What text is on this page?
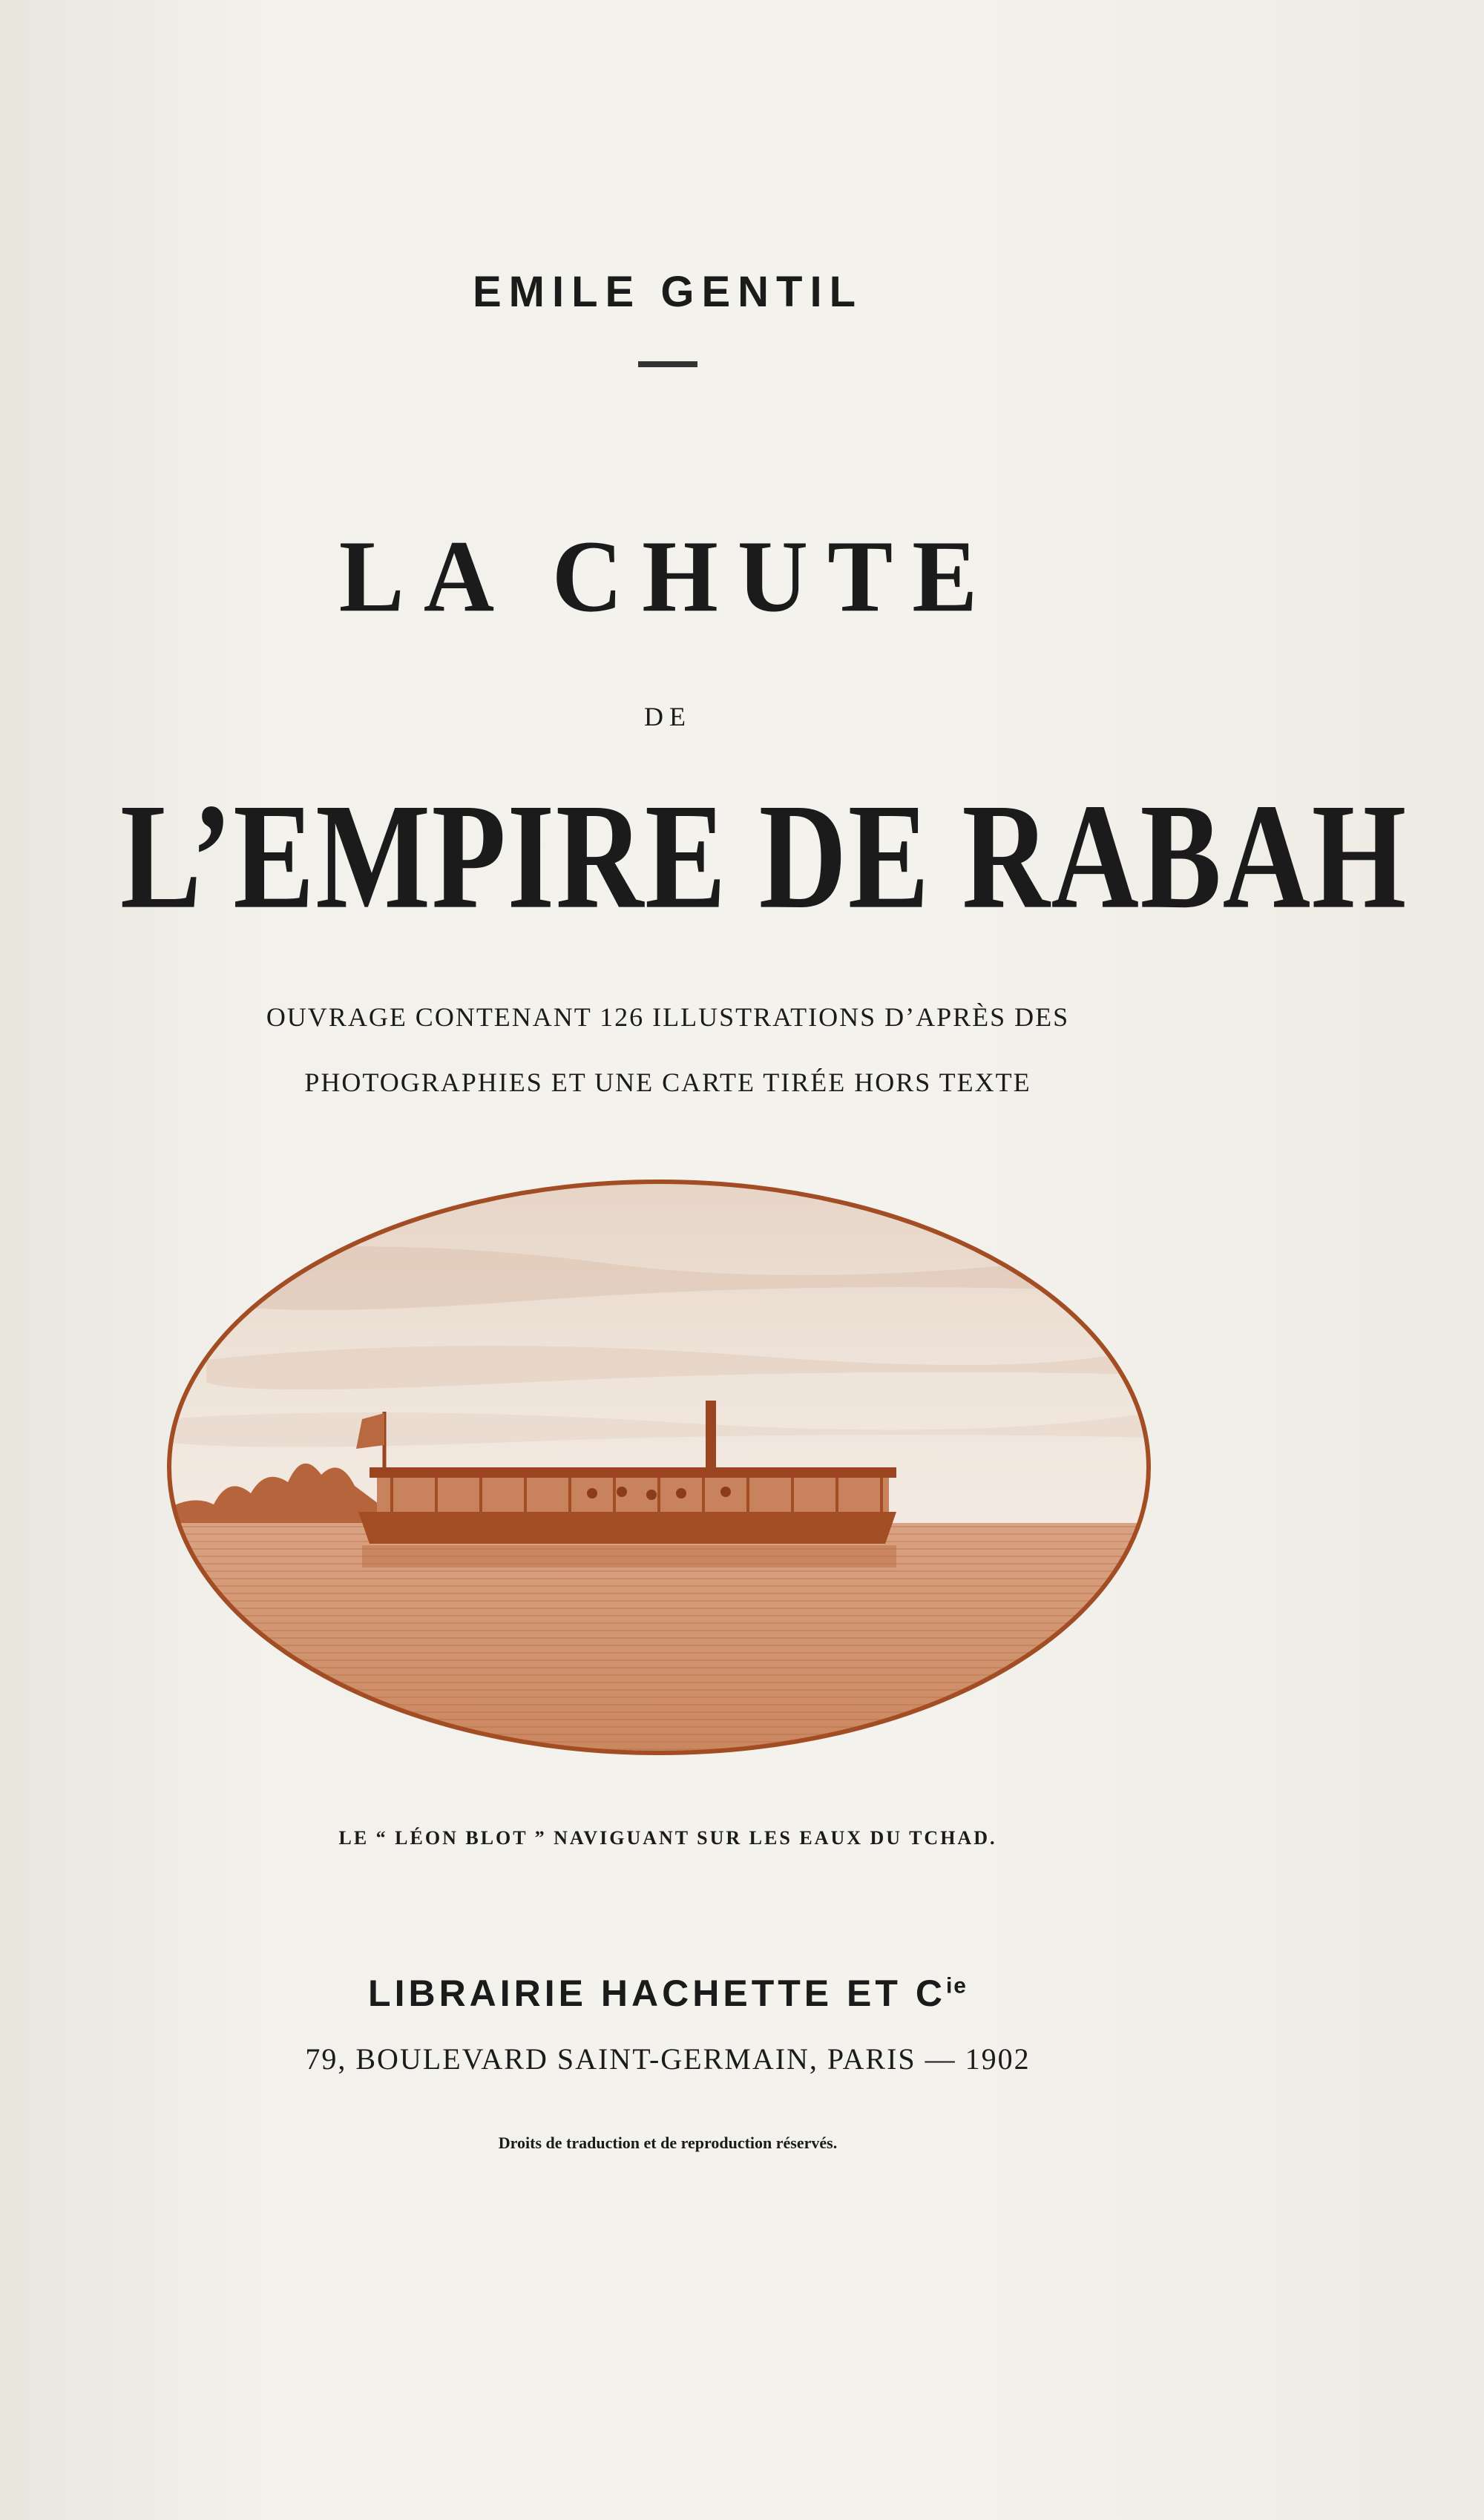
EMILE GENTIL
LA CHUTE
DE
L’EMPIRE DE RABAH
OUVRAGE CONTENANT 126 ILLUSTRATIONS D’APRÈS DES
PHOTOGRAPHIES ET UNE CARTE TIRÉE HORS TEXTE
LE “ LÉON BLOT ” NAVIGUANT SUR LES EAUX DU TCHAD.
LIBRAIRIE HACHETTE ET $C^{ie}$
79, BOULEVARD SAINT-GERMAIN, PARIS — 1902
Droits de traduction et de reproduction réservés.
